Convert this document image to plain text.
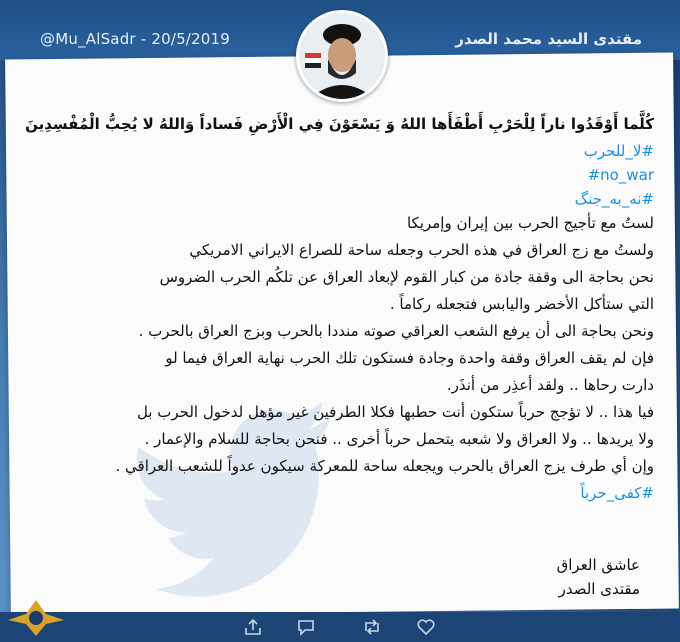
@Mu_AlSadr - 20/5/2019	مقتدى السيد محمد الصدر
كُلَّما أَوْقَدُوا ناراً لِلْحَرْبِ أَطْفَأَها اللهُ وَ يَسْعَوْنَ فِي الْأَرْضِ فَساداً وَاللهُ لا يُحِبُّ الْمُفْسِدِينَ
#لا_للحرب
#no_war
#نه_به_جنگ
لستُ مع تأجيج الحرب بين إيران وإمريكا
ولستُ مع زج العراق في هذه الحرب وجعله ساحة للصراع الايراني الامريكي
نحن بحاجة الى وقفة جادة من كبار القوم لإبعاد العراق عن تلكُم الحرب الضروس
التي ستأكل الأخضر واليابس فتجعله ركاماً .
ونحن بحاجة الى أن يرفع الشعب العراقي صوته منددا بالحرب وبزج العراق بالحرب .
فإن لم يقف العراق وقفة واحدة وجادة فستكون تلك الحرب نهاية العراق فيما لو
دارت رحاها .. ولقد أعذِر من أنذَر.
فيا هذا .. لا تؤجج حرباً ستكون أنت حطبها فكلا الطرفين غير مؤهل لدخول الحرب بل
ولا يريدها .. ولا العراق ولا شعبه يتحمل حرباً أخرى .. فنحن بحاجة للسلام والإعمار .
وإن أي طرف يزج العراق بالحرب ويجعله ساحة للمعركة سيكون عدواً للشعب العراقي .
#كفى_حرباً
عاشق العراق
مقتدى الصدر
